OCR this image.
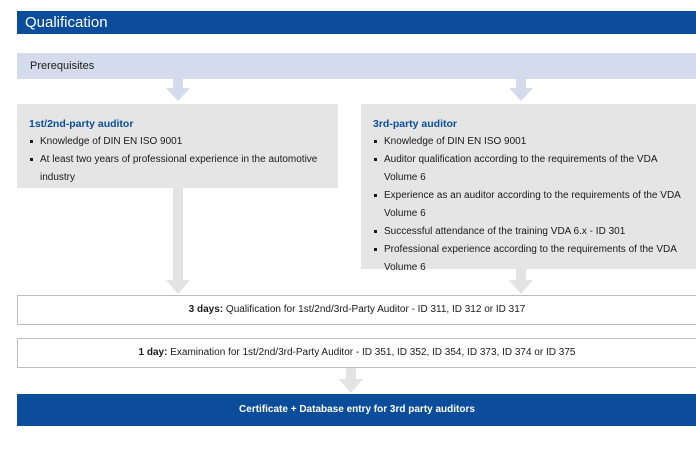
Qualification
Prerequisites
1st/2nd-party auditor
Knowledge of DIN EN ISO 9001
At least two years of professional experience in the automotive industry
3rd-party auditor
Knowledge of DIN EN ISO 9001
Auditor qualification according to the requirements of the VDA Volume 6
Experience as an auditor according to the requirements of the VDA Volume 6
Successful attendance of the training VDA 6.x - ID 301
Professional experience according to the requirements of the VDA Volume 6
3 days: Qualification for 1st/2nd/3rd-Party Auditor - ID 311, ID 312 or ID 317
1 day: Examination for 1st/2nd/3rd-Party Auditor - ID 351, ID 352, ID 354, ID 373, ID 374 or ID 375
Certificate + Database entry for 3rd party auditors
